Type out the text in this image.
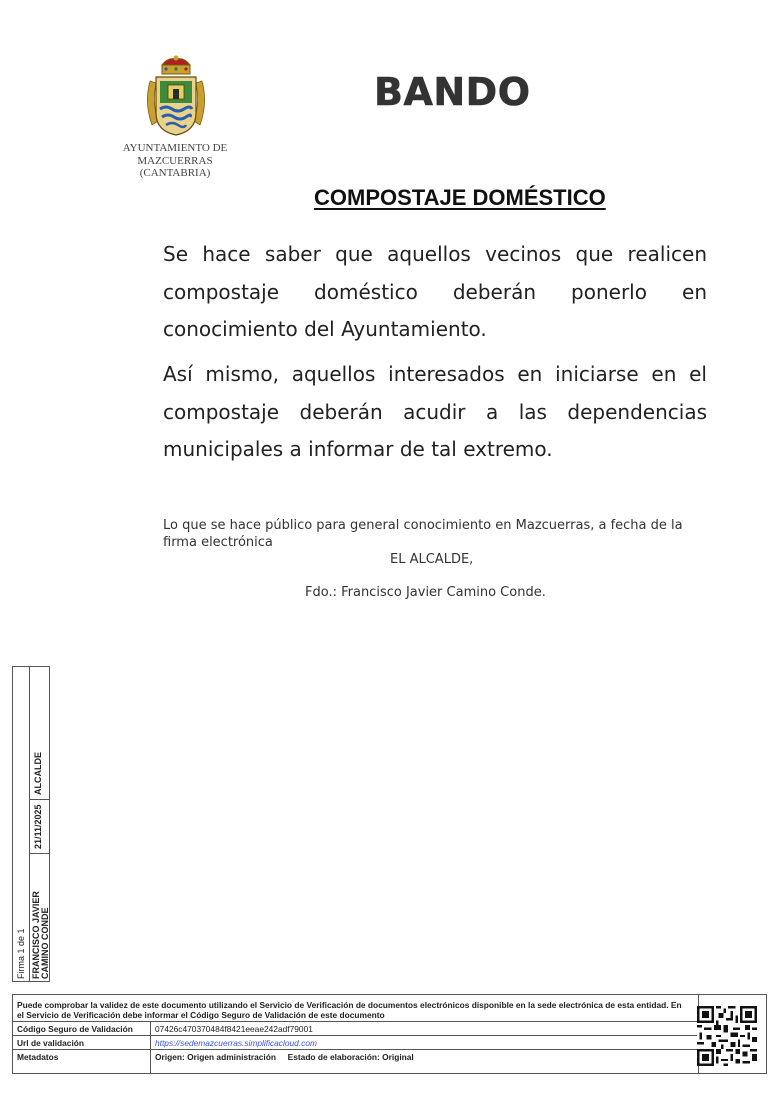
AYUNTAMIENTO DE
MAZCUERRAS
(CANTABRIA)
BANDO
COMPOSTAJE DOMÉSTICO
Se hace saber que aquellos vecinos que realicen compostaje doméstico deberán ponerlo en conocimiento del Ayuntamiento.
Así mismo, aquellos interesados en iniciarse en el compostaje deberán acudir a las dependencias municipales a informar de tal extremo.
Lo que se hace público para general conocimiento en Mazcuerras, a fecha de la firma electrónica
EL ALCALDE,
Fdo.: Francisco Javier Camino Conde.
Firma 1 de 1 FRANCISCO JAVIER CAMINO CONDE
21/11/2025
ALCALDE
Puede comprobar la validez de este documento utilizando el Servicio de Verificación de documentos electrónicos disponible en la sede electrónica de esta entidad. En el Servicio de Verificación debe informar el Código Seguro de Validación de este documento
Código Seguro de Validación	07426c470370484f8421eeae242adf79001
Url de validación	https://sedemazcuerras.simplificacloud.com
Metadatos	Origen: Origen administración     Estado de elaboración: Original
